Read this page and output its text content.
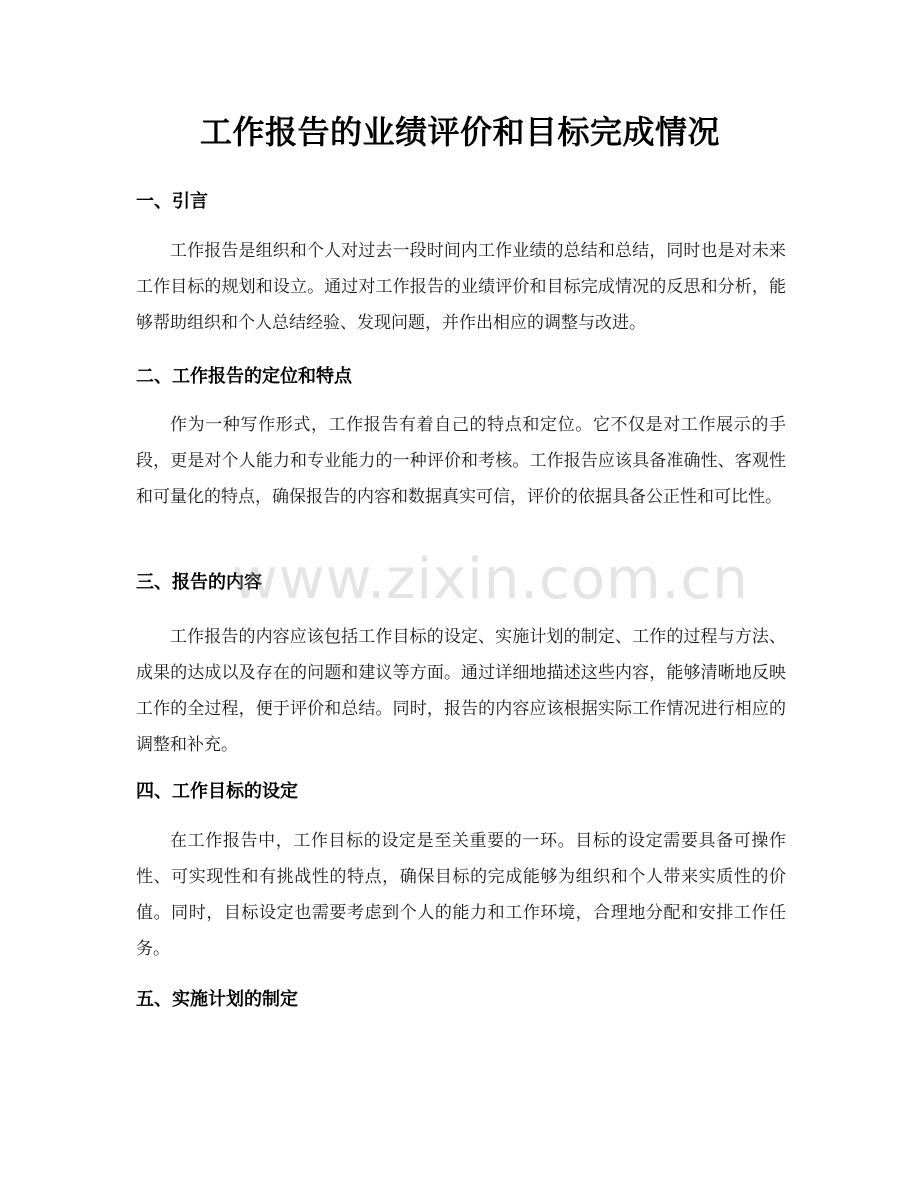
工作报告的业绩评价和目标完成情况
一、引言

工作报告是组织和个人对过去一段时间内工作业绩的总结和总结，同时也是对未来工作目标的规划和设立。通过对工作报告的业绩评价和目标完成情况的反思和分析，能够帮助组织和个人总结经验、发现问题，并作出相应的调整与改进。

二、工作报告的定位和特点

作为一种写作形式，工作报告有着自己的特点和定位。它不仅是对工作展示的手段，更是对个人能力和专业能力的一种评价和考核。工作报告应该具备准确性、客观性和可量化的特点，确保报告的内容和数据真实可信，评价的依据具备公正性和可比性。

三、报告的内容

工作报告的内容应该包括工作目标的设定、实施计划的制定、工作的过程与方法、成果的达成以及存在的问题和建议等方面。通过详细地描述这些内容，能够清晰地反映工作的全过程，便于评价和总结。同时，报告的内容应该根据实际工作情况进行相应的调整和补充。

四、工作目标的设定

在工作报告中，工作目标的设定是至关重要的一环。目标的设定需要具备可操作性、可实现性和有挑战性的特点，确保目标的完成能够为组织和个人带来实质性的价值。同时，目标设定也需要考虑到个人的能力和工作环境，合理地分配和安排工作任务。

五、实施计划的制定
www.zixin.com.cn
